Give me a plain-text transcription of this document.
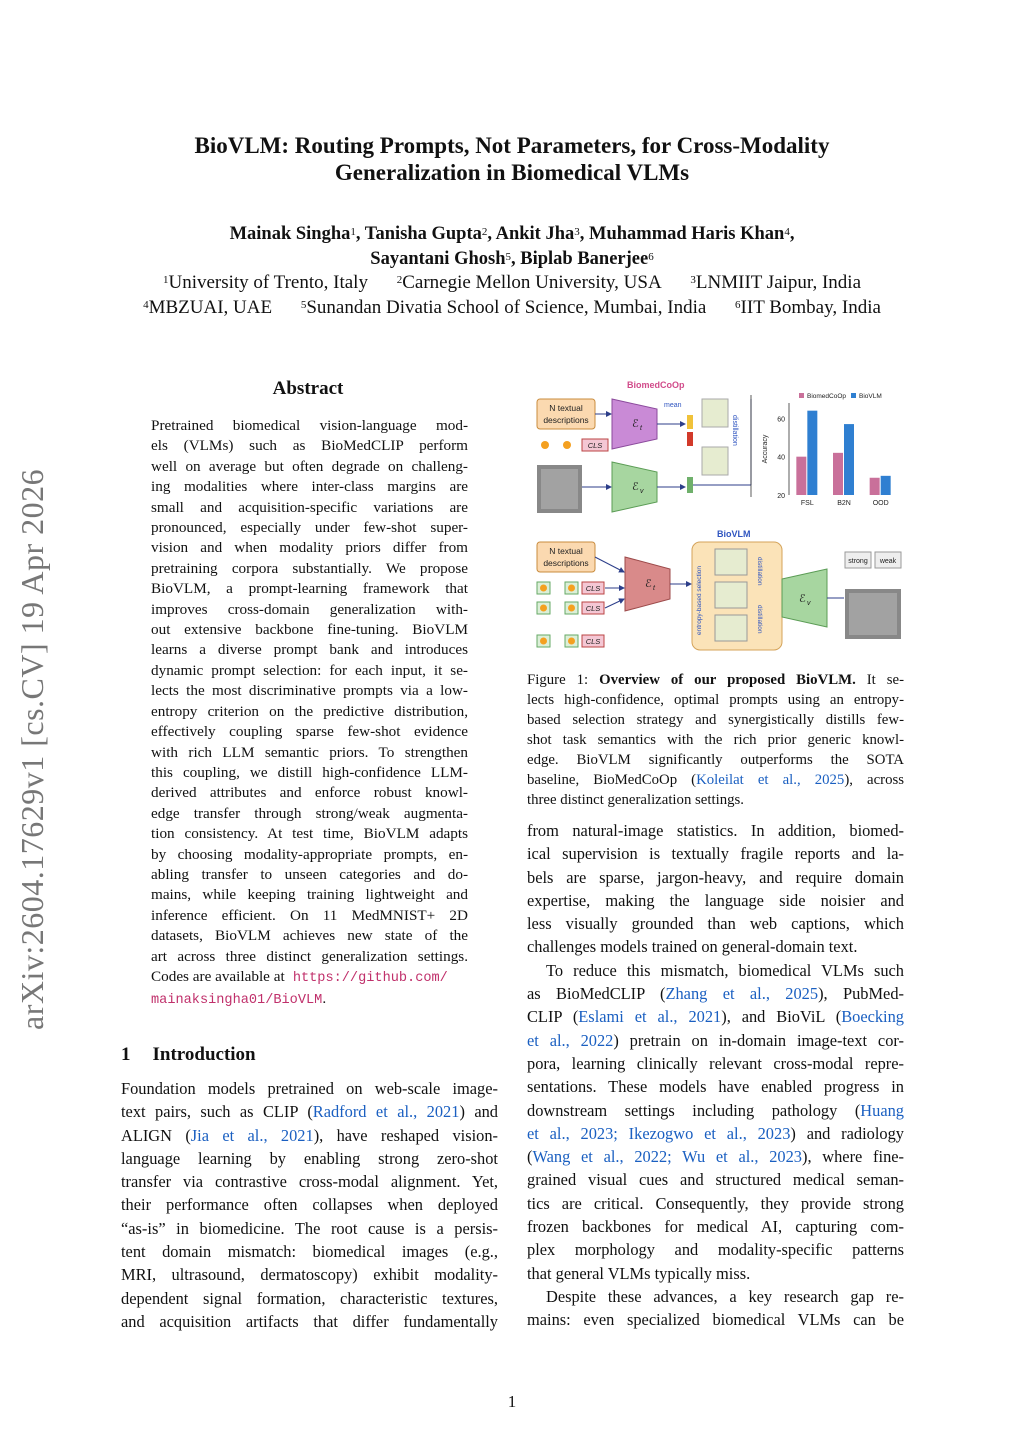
arXiv:2604.17629v1 [cs.CV] 19 Apr 2026
BioVLM: Routing Prompts, Not Parameters, for Cross-Modality
Generalization in Biomedical VLMs
Mainak Singha$^1$, Tanisha Gupta$^2$, Ankit Jha$^3$, Muhammad Haris Khan$^4$,
Sayantani Ghosh$^5$, Biplab Banerjee$^6$
$^1$University of Trento, Italy	$^2$Carnegie Mellon University, USA	$^3$LNMIIT Jaipur, India
$^4$MBZUAI, UAE	$^5$Sunandan Divatia School of Science, Mumbai, India	$^6$IIT Bombay, India
Abstract
Pretrained biomedical vision-language mod-
els (VLMs) such as BioMedCLIP perform
well on average but often degrade on challeng-
ing modalities where inter-class margins are
small and acquisition-specific variations are
pronounced, especially under few-shot super-
vision and when modality priors differ from
pretraining corpora substantially. We propose
BioVLM, a prompt-learning framework that
improves cross-domain generalization with-
out extensive backbone fine-tuning. BioVLM
learns a diverse prompt bank and introduces
dynamic prompt selection: for each input, it se-
lects the most discriminative prompts via a low-
entropy criterion on the predictive distribution,
effectively coupling sparse few-shot evidence
with rich LLM semantic priors. To strengthen
this coupling, we distill high-confidence LLM-
derived attributes and enforce robust knowl-
edge transfer through strong/weak augmenta-
tion consistency. At test time, BioVLM adapts
by choosing modality-appropriate prompts, en-
abling transfer to unseen categories and do-
mains, while keeping training lightweight and
inference efficient. On 11 MedMNIST+ 2D
datasets, BioVLM achieves new state of the
art across three distinct generalization settings.
Codes are available at https://github.com/
mainaksingha01/BioVLM.
1 Introduction
Foundation models pretrained on web-scale image-
text pairs, such as CLIP (Radford et al., 2021) and
ALIGN (Jia et al., 2021), have reshaped vision-
language learning by enabling strong zero-shot
transfer via contrastive cross-modal alignment. Yet,
their performance often collapses when deployed
“as-is” in biomedicine. The root cause is a persis-
tent domain mismatch: biomedical images (e.g.,
MRI, ultrasound, dermatoscopy) exhibit modality-
dependent signal formation, characteristic textures,
and acquisition artifacts that differ fundamentally
BiomedCoOp
N textual
descriptions	ℰ t
CLS
ℰ v
mean
distillation
20
40
60
Accuracy
FSL	B2N	OOD
BiomedCoOp BioVLM
BioVLM
N textual
descriptions
CLS
CLS
CLS
ℰ t	entropy-based selection	distillation
distillation
ℰ v
strong weak
Figure 1: Overview of our proposed BioVLM. It se-
lects high-confidence, optimal prompts using an entropy-
based selection strategy and synergistically distills few-
shot task semantics with the rich prior generic knowl-
edge. BioVLM significantly outperforms the SOTA
baseline, BioMedCoOp (Koleilat et al., 2025), across
three distinct generalization settings.
from natural-image statistics. In addition, biomed-
ical supervision is textually fragile reports and la-
bels are sparse, jargon-heavy, and require domain
expertise, making the language side noisier and
less visually grounded than web captions, which
challenges models trained on general-domain text.
To reduce this mismatch, biomedical VLMs such
as BioMedCLIP (Zhang et al., 2025), PubMed-
CLIP (Eslami et al., 2021), and BioViL (Boecking
et al., 2022) pretrain on in-domain image-text cor-
pora, learning clinically relevant cross-modal repre-
sentations. These models have enabled progress in
downstream settings including pathology (Huang
et al., 2023; Ikezogwo et al., 2023) and radiology
(Wang et al., 2022; Wu et al., 2023), where fine-
grained visual cues and structured medical seman-
tics are critical. Consequently, they provide strong
frozen backbones for medical AI, capturing com-
plex morphology and modality-specific patterns
that general VLMs typically miss.
Despite these advances, a key research gap re-
mains: even specialized biomedical VLMs can be
1
